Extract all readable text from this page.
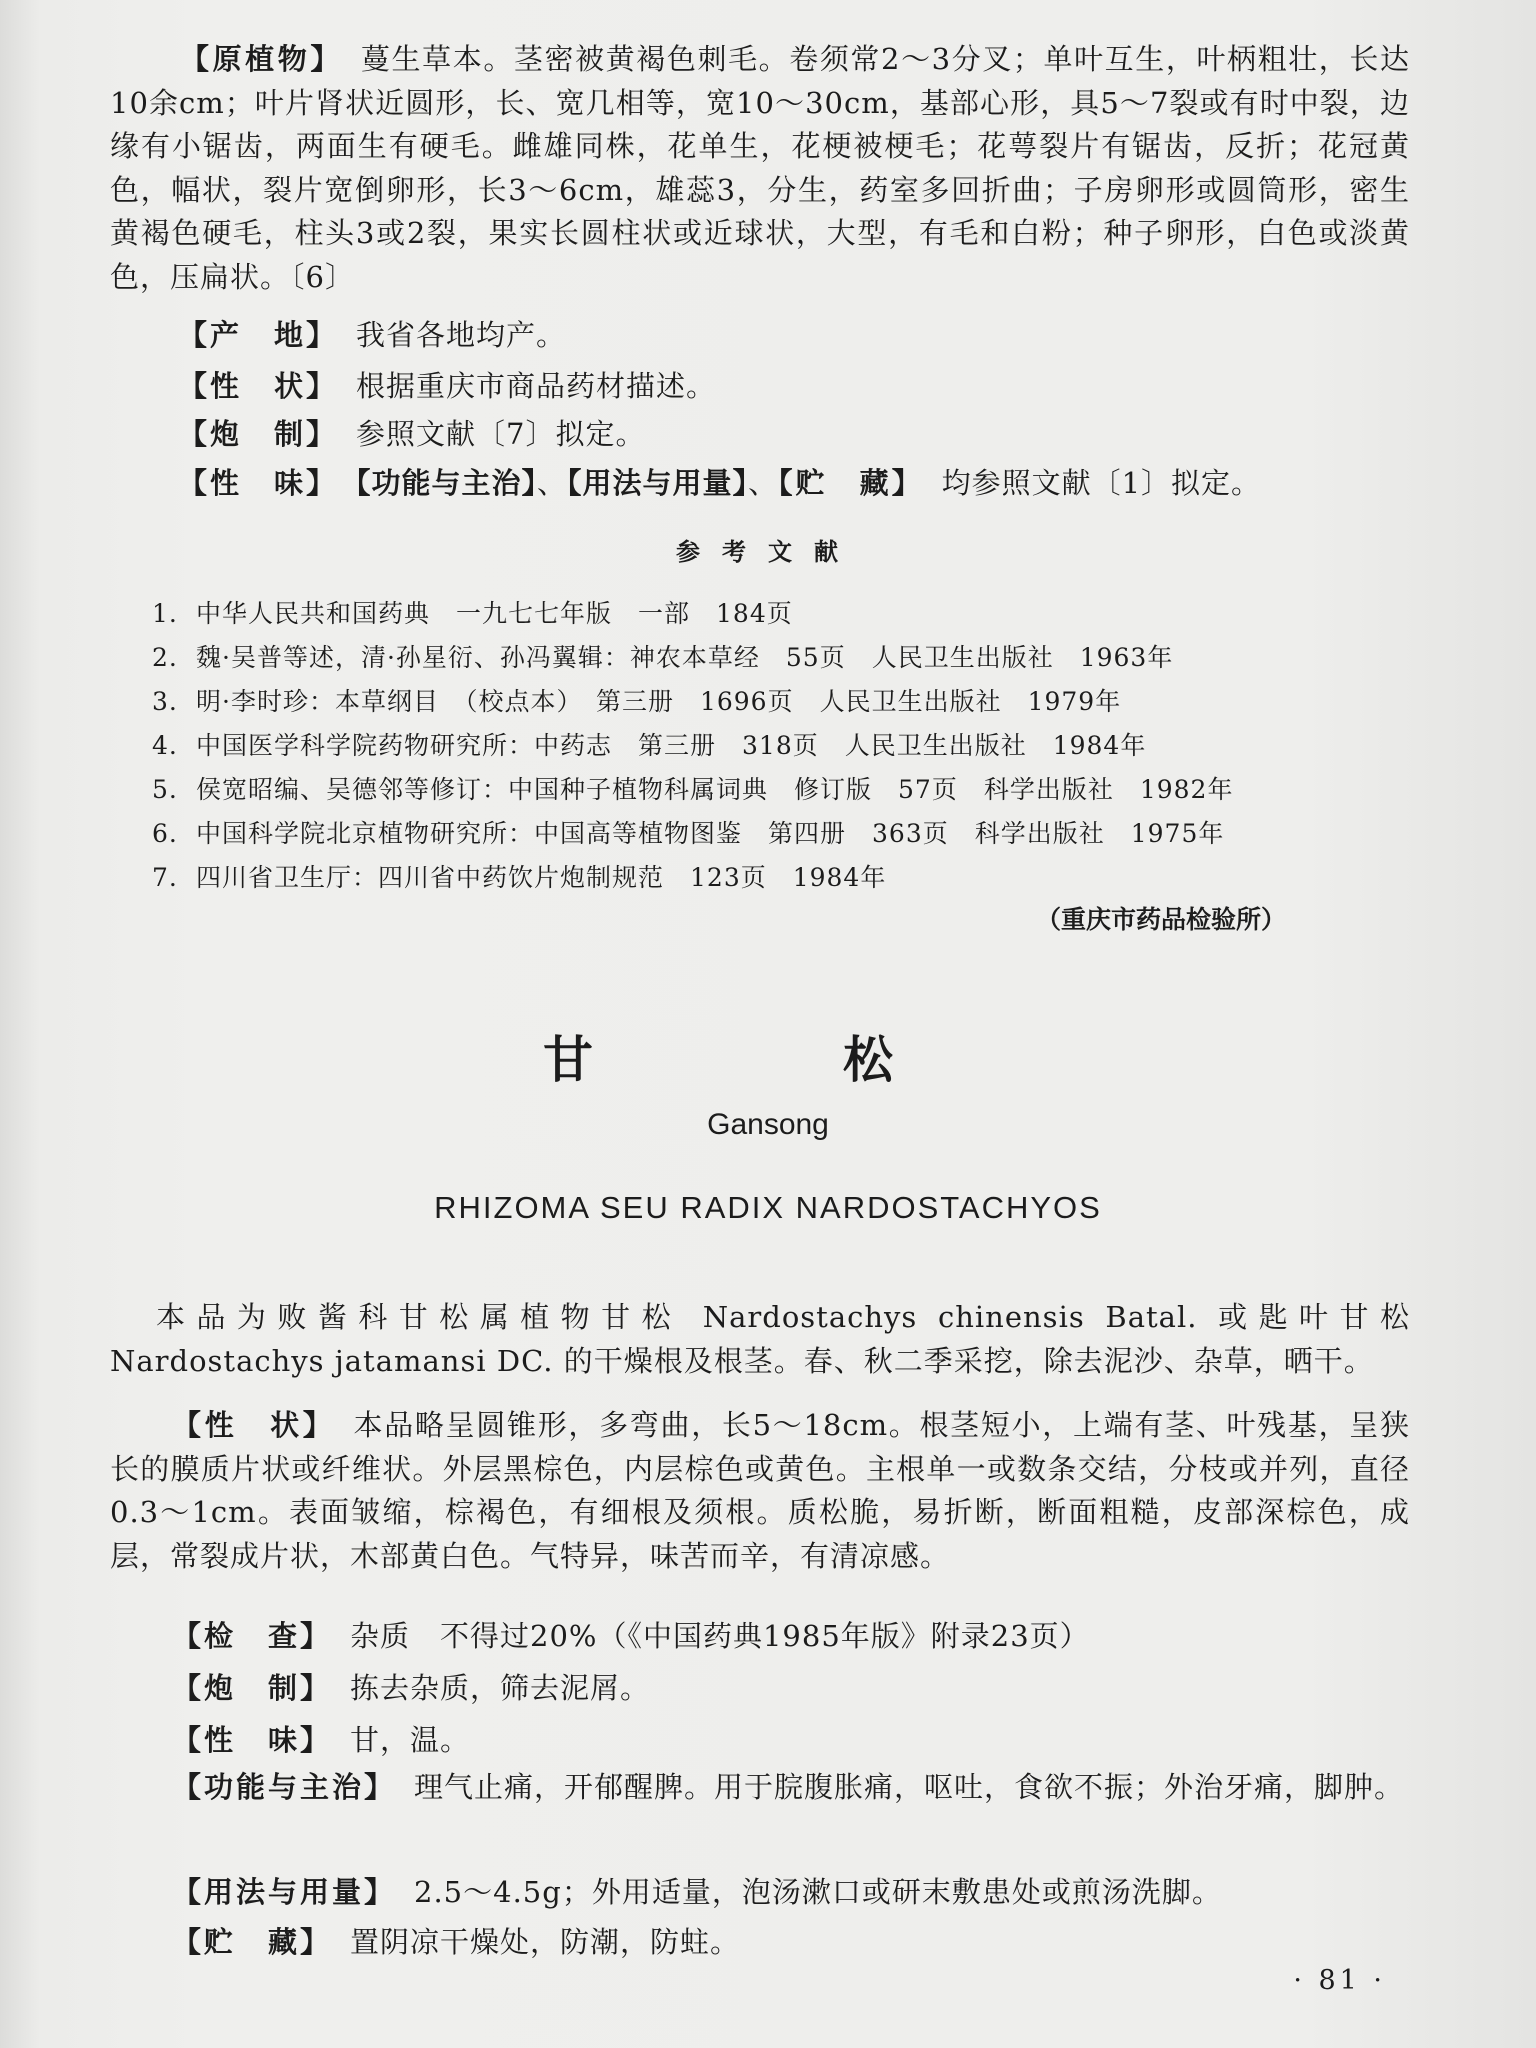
【原植物】 蔓生草本。茎密被黄褐色刺毛。卷须常2～3分叉；单叶互生，叶柄粗壮，长达10余cm；叶片肾状近圆形，长、宽几相等，宽10～30cm，基部心形，具5～7裂或有时中裂，边缘有小锯齿，两面生有硬毛。雌雄同株，花单生，花梗被梗毛；花萼裂片有锯齿，反折；花冠黄色，幅状，裂片宽倒卵形，长3～6cm，雄蕊3，分生，药室多回折曲；子房卵形或圆筒形，密生黄褐色硬毛，柱头3或2裂，果实长圆柱状或近球状，大型，有毛和白粉；种子卵形，白色或淡黄色，压扁状。〔6〕
【产　地】 我省各地均产。
【性　状】 根据重庆市商品药材描述。
【炮　制】 参照文献〔7〕拟定。
【性　味】 【功能与主治】、【用法与用量】、【贮　藏】 均参照文献〔1〕拟定。
参考文献
1. 中华人民共和国药典　一九七七年版　一部　184页
2. 魏·吴普等述，清·孙星衍、孙冯翼辑：神农本草经　55页　人民卫生出版社　1963年
3. 明·李时珍：本草纲目　（校点本）　第三册　1696页　人民卫生出版社　1979年
4. 中国医学科学院药物研究所：中药志　第三册　318页　人民卫生出版社　1984年
5. 侯宽昭编、吴德邻等修订：中国种子植物科属词典　修订版　57页　科学出版社　1982年
6. 中国科学院北京植物研究所：中国高等植物图鉴　第四册　363页　科学出版社　1975年
7. 四川省卫生厅：四川省中药饮片炮制规范　123页　1984年
（重庆市药品检验所）
甘　松
Gansong
RHIZOMA SEU RADIX NARDOSTACHYOS
本品为败酱科甘松属植物甘松 Nardostachys chinensis Batal. 或匙叶甘松 Nardostachys jatamansi DC. 的干燥根及根茎。春、秋二季采挖，除去泥沙、杂草，晒干。
【性　状】 本品略呈圆锥形，多弯曲，长5～18cm。根茎短小，上端有茎、叶残基，呈狭长的膜质片状或纤维状。外层黑棕色，内层棕色或黄色。主根单一或数条交结，分枝或并列，直径0.3～1cm。表面皱缩，棕褐色，有细根及须根。质松脆，易折断，断面粗糙，皮部深棕色，成层，常裂成片状，木部黄白色。气特异，味苦而辛，有清凉感。
【检　查】 杂质　不得过20%（《中国药典1985年版》附录23页）
【炮　制】 拣去杂质，筛去泥屑。
【性　味】 甘，温。
【功能与主治】 理气止痛，开郁醒脾。用于脘腹胀痛，呕吐，食欲不振；外治牙痛，脚肿。
【用法与用量】 2.5～4.5g；外用适量，泡汤漱口或研末敷患处或煎汤洗脚。
【贮　藏】 置阴凉干燥处，防潮，防蛀。
· 81 ·
